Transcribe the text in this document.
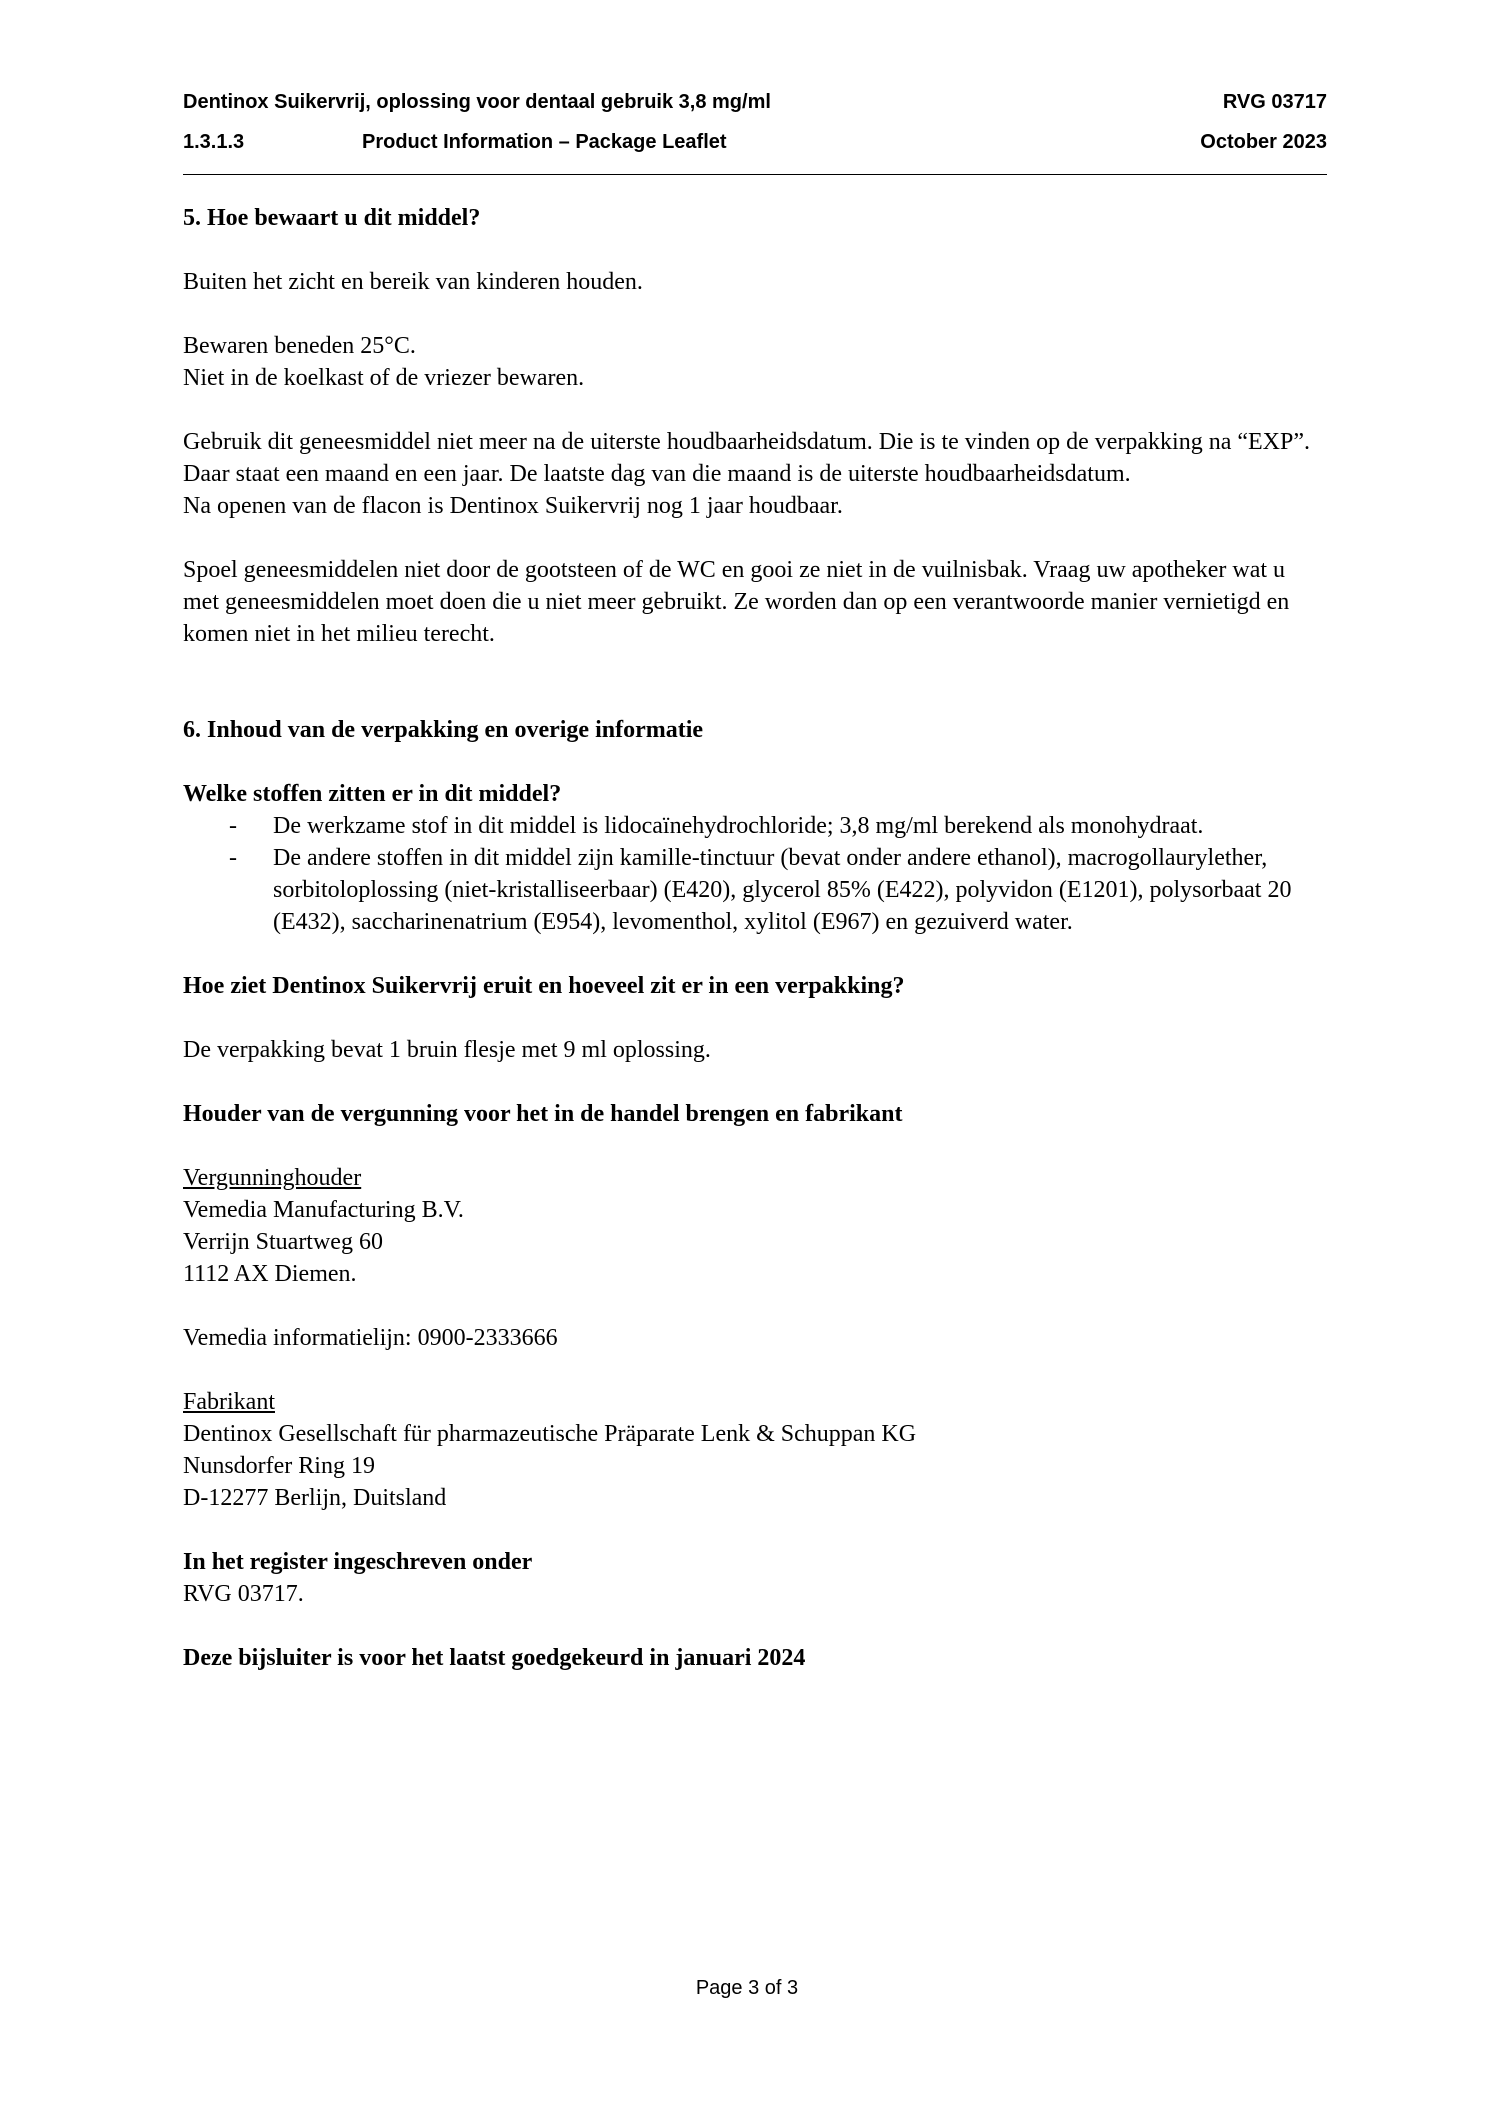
Dentinox Suikervrij, oplossing voor dentaal gebruik 3,8 mg/ml	RVG 03717
1.3.1.3	Product Information – Package Leaflet	October 2023

5. Hoe bewaart u dit middel?

Buiten het zicht en bereik van kinderen houden.

Bewaren beneden 25°C.

Niet in de koelkast of de vriezer bewaren.

Gebruik dit geneesmiddel niet meer na de uiterste houdbaarheidsdatum. Die is te vinden op de verpakking na “EXP”. Daar staat een maand en een jaar. De laatste dag van die maand is de uiterste houdbaarheidsdatum.

Na openen van de flacon is Dentinox Suikervrij nog 1 jaar houdbaar.

Spoel geneesmiddelen niet door de gootsteen of de WC en gooi ze niet in de vuilnisbak. Vraag uw apotheker wat u met geneesmiddelen moet doen die u niet meer gebruikt. Ze worden dan op een verantwoorde manier vernietigd en komen niet in het milieu terecht.

6. Inhoud van de verpakking en overige informatie

Welke stoffen zitten er in dit middel?

- De werkzame stof in dit middel is lidocaïnehydrochloride; 3,8 mg/ml berekend als monohydraat.
- De andere stoffen in dit middel zijn kamille-tinctuur (bevat onder andere ethanol), macrogollaurylether, sorbitoloplossing (niet-kristalliseerbaar) (E420), glycerol 85% (E422), polyvidon (E1201), polysorbaat 20 (E432), saccharinenatrium (E954), levomenthol, xylitol (E967) en gezuiverd water.

Hoe ziet Dentinox Suikervrij eruit en hoeveel zit er in een verpakking?

De verpakking bevat 1 bruin flesje met 9 ml oplossing.

Houder van de vergunning voor het in de handel brengen en fabrikant

Vergunninghouder

Vemedia Manufacturing B.V.

Verrijn Stuartweg 60

1112 AX Diemen.

Vemedia informatielijn: 0900-2333666

Fabrikant

Dentinox Gesellschaft für pharmazeutische Präparate Lenk & Schuppan KG

Nunsdorfer Ring 19

D-12277 Berlijn, Duitsland

In het register ingeschreven onder

RVG 03717.

Deze bijsluiter is voor het laatst goedgekeurd in januari 2024

Page 3 of 3
